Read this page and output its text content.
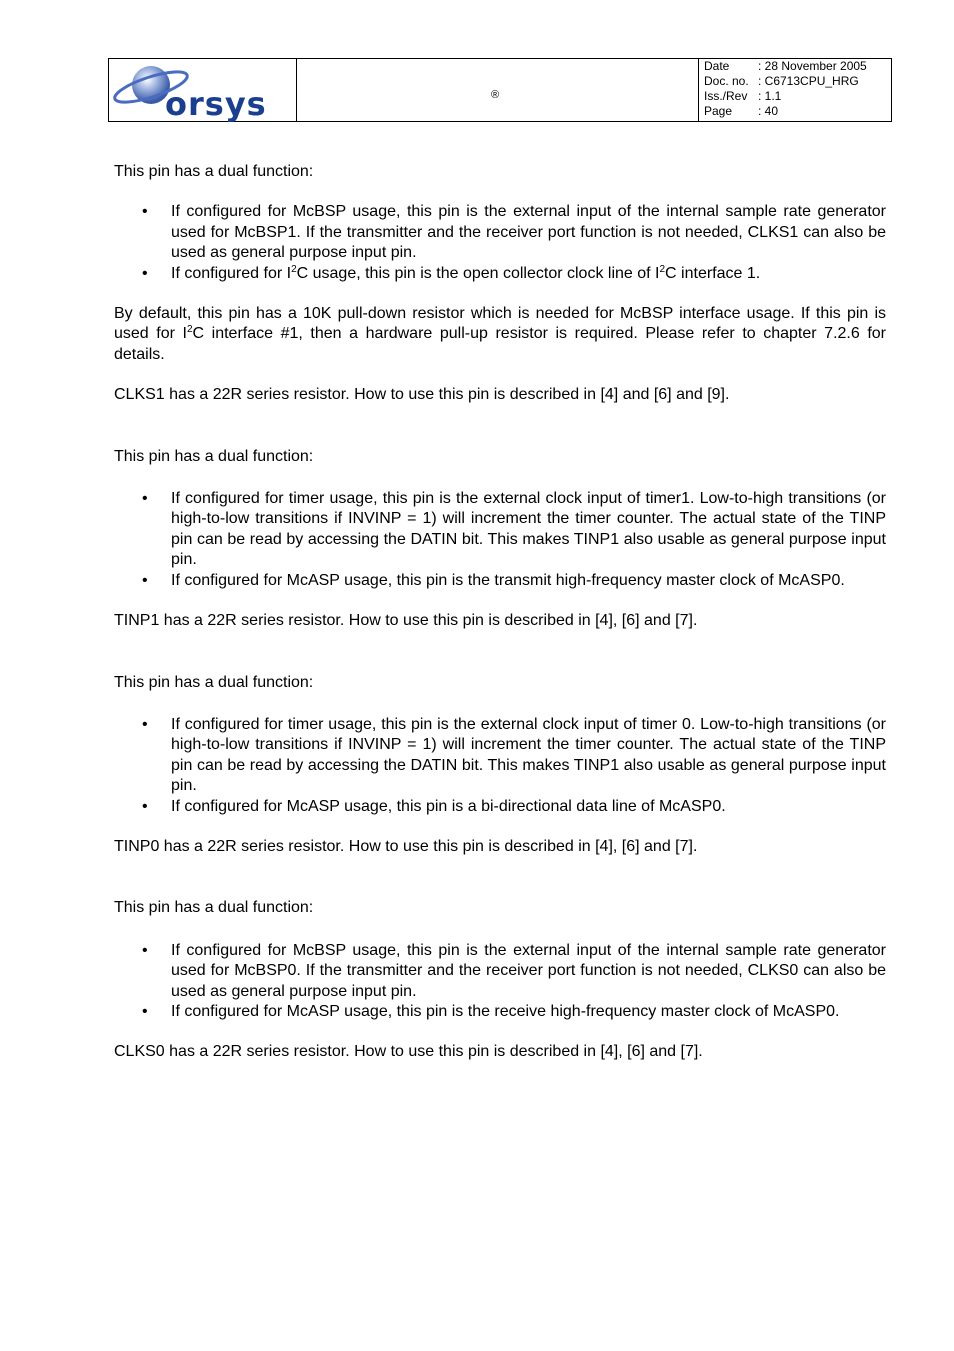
orsys	®
Date	: 28 November 2005
Doc. no. : C6713CPU_HRG
Iss./Rev : 1.1
Page	: 40

This pin has a dual function:

• If configured for McBSP usage, this pin is the external input of the internal sample rate generator used for McBSP1. If the transmitter and the receiver port function is not needed, CLKS1 can also be used as general purpose input pin.
• If configured for $I^2C$ usage, this pin is the open collector clock line of $I^2C$ interface 1.

By default, this pin has a 10K pull-down resistor which is needed for McBSP interface usage. If this pin is used for $I^2C$ interface #1, then a hardware pull-up resistor is required. Please refer to chapter 7.2.6 for details.

CLKS1 has a 22R series resistor. How to use this pin is described in [4] and [6] and [9].

This pin has a dual function:

• If configured for timer usage, this pin is the external clock input of timer1. Low-to-high transitions (or high-to-low transitions if INVINP = 1) will increment the timer counter. The actual state of the TINP pin can be read by accessing the DATIN bit. This makes TINP1 also usable as general purpose input pin.
• If configured for McASP usage, this pin is the transmit high-frequency master clock of McASP0.

TINP1 has a 22R series resistor. How to use this pin is described in [4], [6] and [7].

This pin has a dual function:

• If configured for timer usage, this pin is the external clock input of timer 0. Low-to-high transitions (or high-to-low transitions if INVINP = 1) will increment the timer counter. The actual state of the TINP pin can be read by accessing the DATIN bit. This makes TINP1 also usable as general purpose input pin.
• If configured for McASP usage, this pin is a bi-directional data line of McASP0.

TINP0 has a 22R series resistor. How to use this pin is described in [4], [6] and [7].

This pin has a dual function:

• If configured for McBSP usage, this pin is the external input of the internal sample rate generator used for McBSP0. If the transmitter and the receiver port function is not needed, CLKS0 can also be used as general purpose input pin.
• If configured for McASP usage, this pin is the receive high-frequency master clock of McASP0.

CLKS0 has a 22R series resistor. How to use this pin is described in [4], [6] and [7].
